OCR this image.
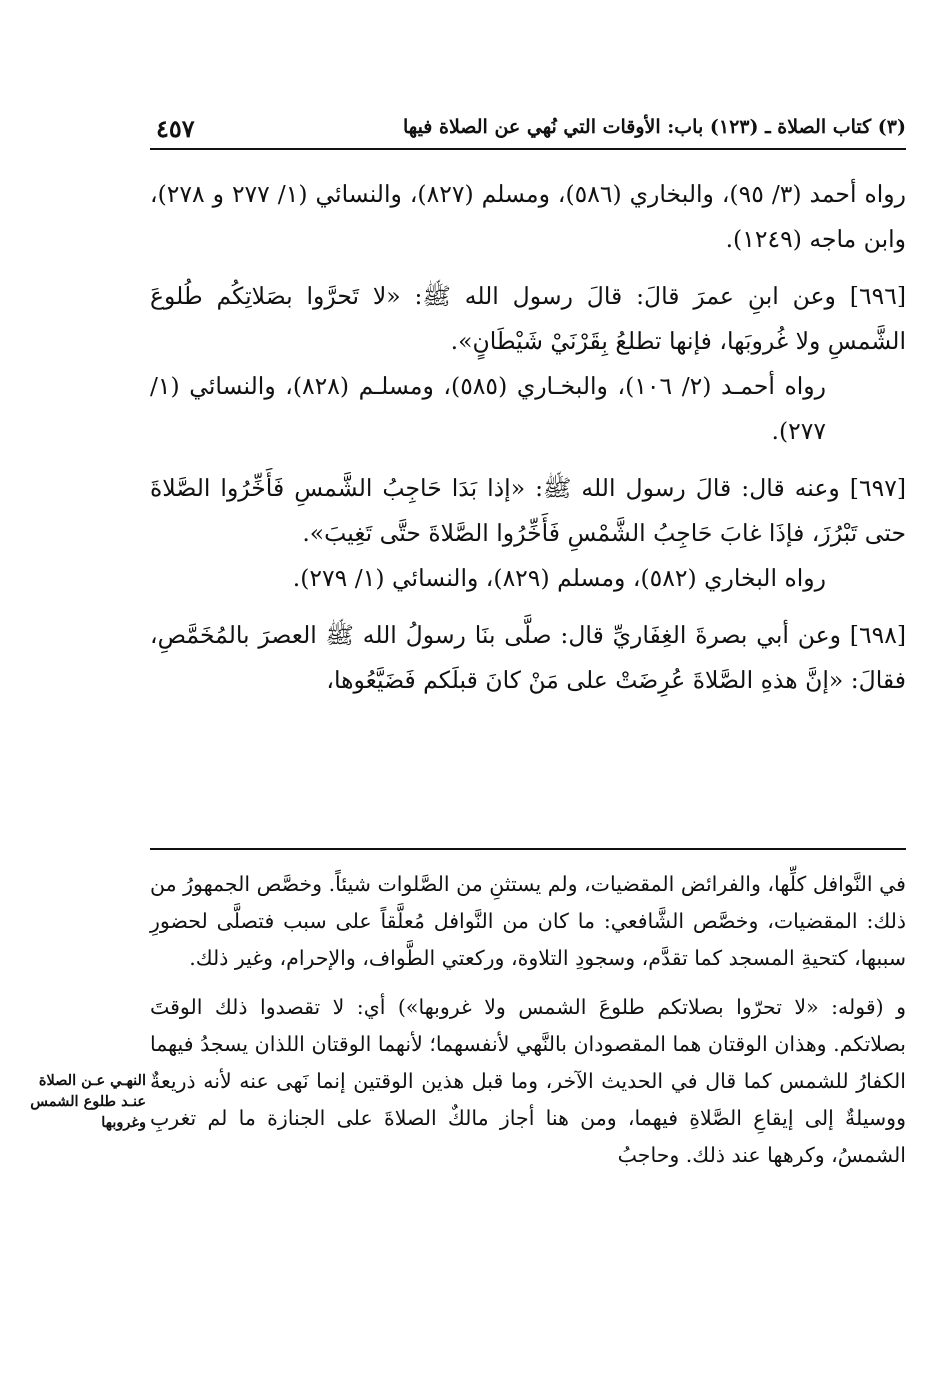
(٣) كتاب الصلاة ـ (١٢٣) باب: الأوقات التي نُهي عن الصلاة فيها
٤٥٧

رواه أحمد (٣/ ٩٥)، والبخاري (٥٨٦)، ومسلم (٨٢٧)، والنسائي (١/ ٢٧٧ و ٢٧٨)، وابن ماجه (١٢٤٩).

[٦٩٦] وعن ابنِ عمرَ قالَ: قالَ رسول الله ﷺ: «لا تَحرَّوا بصَلاتِكُم طُلوعَ الشَّمسِ ولا غُروبَها، فإنها تطلعُ بِقَرْنَيْ شَيْطَانٍ».

رواه أحمـد (٢/ ١٠٦)، والبخـاري (٥٨٥)، ومسلـم (٨٢٨)، والنسائي (١/ ٢٧٧).

[٦٩٧] وعنه قال: قالَ رسول الله ﷺ: «إذا بَدَا حَاجِبُ الشَّمسِ فَأَخِّرُوا الصَّلاةَ حتى تَبْرُزَ، فإذَا غابَ حَاجِبُ الشَّمْسِ فَأَخِّرُوا الصَّلاةَ حتَّى تَغِيبَ».

رواه البخاري (٥٨٢)، ومسلم (٨٢٩)، والنسائي (١/ ٢٧٩).

[٦٩٨] وعن أبي بصرةَ الغِفَاريِّ قال: صلَّى بنَا رسولُ الله ﷺ العصرَ بالمُخَمَّصِ، فقالَ: «إنَّ هذهِ الصَّلاةَ عُرِضَتْ على مَنْ كانَ قبلَكم فَضَيَّعُوها،

في النَّوافل كلِّها، والفرائض المقضيات، ولم يستثنِ من الصَّلوات شيئاً. وخصَّص الجمهورُ من ذلك: المقضيات، وخصَّص الشَّافعي: ما كان من النَّوافل مُعلَّقاً على سبب فتصلَّى لحضورِ سببها، كتحيةِ المسجد كما تقدَّم، وسجودِ التلاوة، وركعتي الطَّواف، والإحرام، وغير ذلك.

و (قوله: «لا تحرّوا بصلاتكم طلوعَ الشمس ولا غروبها») أي: لا تقصدوا ذلك الوقتَ بصلاتكم. وهذان الوقتان هما المقصودان بالنَّهي لأنفسهما؛ لأنهما الوقتان اللذان يسجدُ فيهما الكفارُ للشمس كما قال في الحديث الآخر، وما قبل هذين الوقتين إنما نَهى عنه لأنه ذريعةٌ ووسيلةٌ إلى إيقاعِ الصَّلاةِ فيهما، ومن هنا أجاز مالكٌ الصلاةَ على الجنازة ما لم تغربِ الشمسُ، وكرهها عند ذلك. وحاجبُ

النهـي عـن الصلاة عنـد طلوع الشمس وغروبها
